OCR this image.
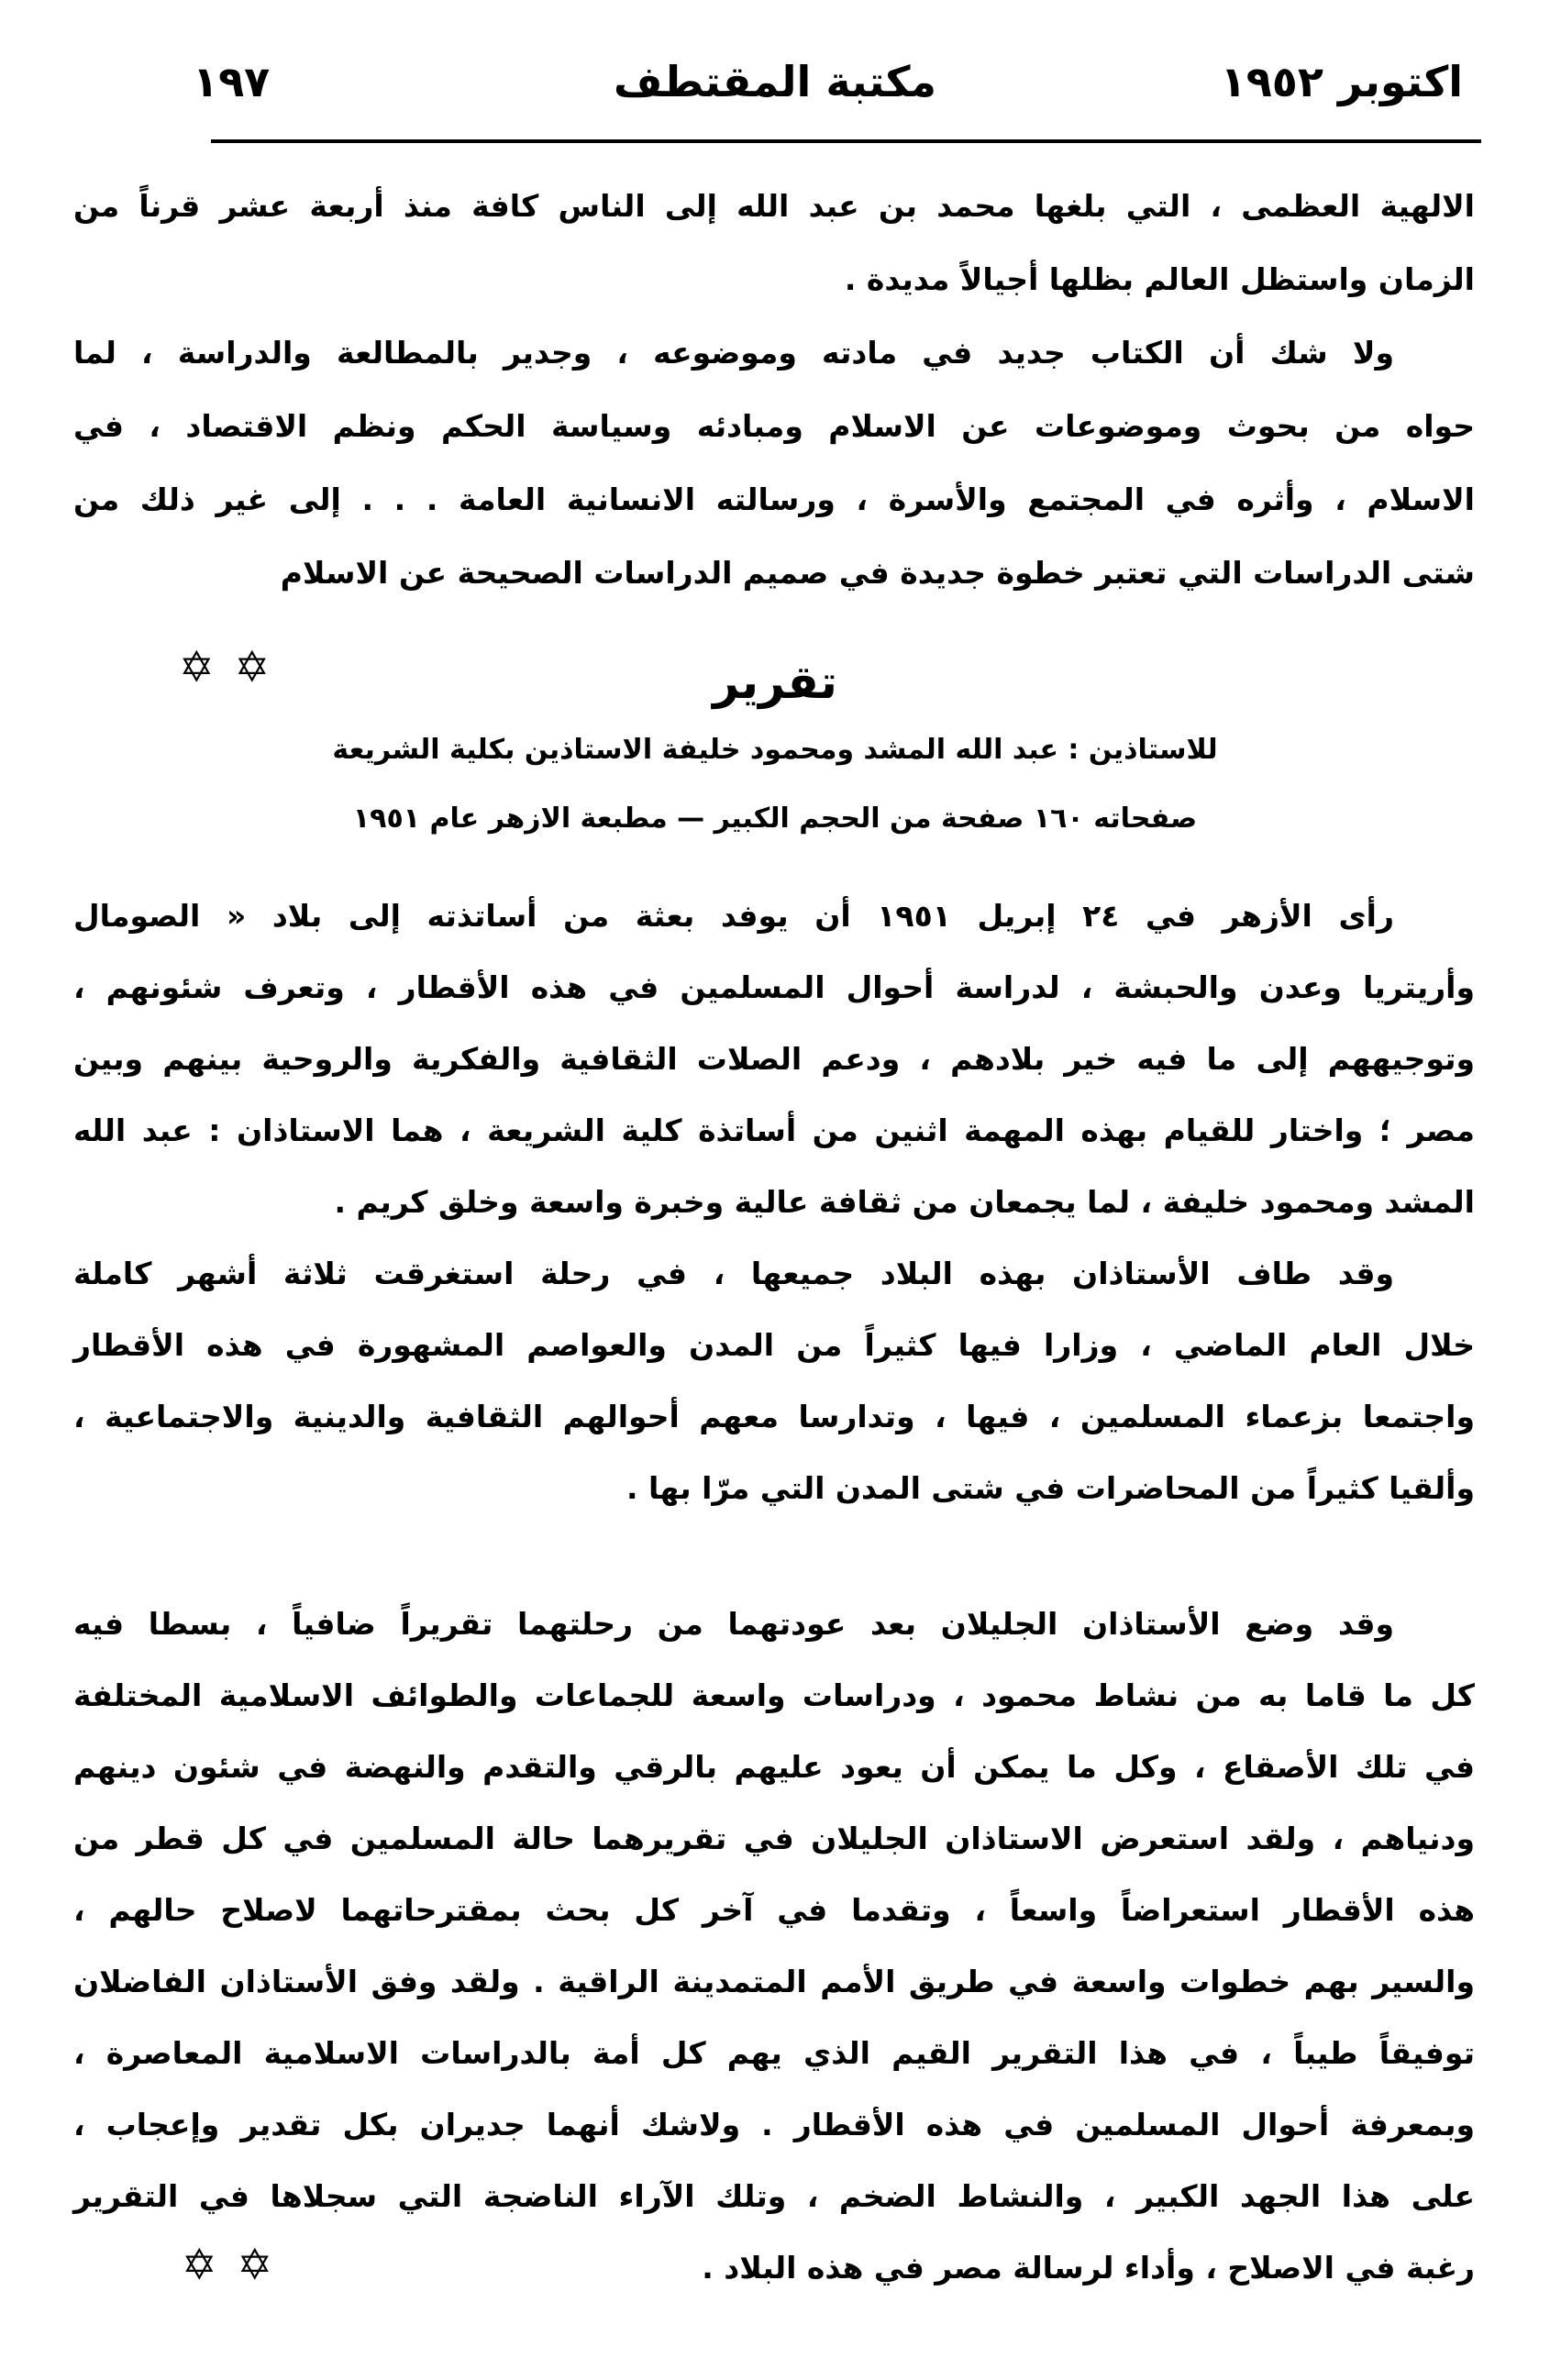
اكتوبر ١٩٥٢
مكتبة المقتطف
١٩٧
الالهية العظمى ، التي بلغها محمد بن عبد الله إلى الناس كافة منذ أربعة عشر قرناً من
الزمان واستظل العالم بظلها أجيالاً مديدة .
ولا شك أن الكتاب جديد في مادته وموضوعه ، وجدير بالمطالعة والدراسة ، لما
حواه من بحوث وموضوعات عن الاسلام ومبادئه وسياسة الحكم ونظم الاقتصاد ، في
الاسلام ، وأثره في المجتمع والأسرة ، ورسالته الانسانية العامة . . . إلى غير ذلك من
شتى الدراسات التي تعتبر خطوة جديدة في صميم الدراسات الصحيحة عن الاسلام
✡✡	تقرير
للاستاذين : عبد الله المشد ومحمود خليفة الاستاذين بكلية الشريعة
صفحاته ١٦٠ صفحة من الحجم الكبير — مطبعة الازهر عام ١٩٥١
رأى الأزهر في ٢٤ إبريل ١٩٥١ أن يوفد بعثة من أساتذته إلى بلاد « الصومال
وأريتريا وعدن والحبشة ، لدراسة أحوال المسلمين في هذه الأقطار ، وتعرف شئونهم ،
وتوجيههم إلى ما فيه خير بلادهم ، ودعم الصلات الثقافية والفكرية والروحية بينهم وبين
مصر ؛ واختار للقيام بهذه المهمة اثنين من أساتذة كلية الشريعة ، هما الاستاذان : عبد الله
المشد ومحمود خليفة ، لما يجمعان من ثقافة عالية وخبرة واسعة وخلق كريم .
وقد طاف الأستاذان بهذه البلاد جميعها ، في رحلة استغرقت ثلاثة أشهر كاملة
خلال العام الماضي ، وزارا فيها كثيراً من المدن والعواصم المشهورة في هذه الأقطار
واجتمعا بزعماء المسلمين ، فيها ، وتدارسا معهم أحوالهم الثقافية والدينية والاجتماعية ،
وألقيا كثيراً من المحاضرات في شتى المدن التي مرّا بها .
وقد وضع الأستاذان الجليلان بعد عودتهما من رحلتهما تقريراً ضافياً ، بسطا فيه
كل ما قاما به من نشاط محمود ، ودراسات واسعة للجماعات والطوائف الاسلامية المختلفة
في تلك الأصقاع ، وكل ما يمكن أن يعود عليهم بالرقي والتقدم والنهضة في شئون دينهم
ودنياهم ، ولقد استعرض الاستاذان الجليلان في تقريرهما حالة المسلمين في كل قطر من
هذه الأقطار استعراضاً واسعاً ، وتقدما في آخر كل بحث بمقترحاتهما لاصلاح حالهم ،
والسير بهم خطوات واسعة في طريق الأمم المتمدينة الراقية . ولقد وفق الأستاذان الفاضلان
توفيقاً طيباً ، في هذا التقرير القيم الذي يهم كل أمة بالدراسات الاسلامية المعاصرة ،
وبمعرفة أحوال المسلمين في هذه الأقطار . ولاشك أنهما جديران بكل تقدير وإعجاب ،
على هذا الجهد الكبير ، والنشاط الضخم ، وتلك الآراء الناضجة التي سجلاها في التقرير
رغبة في الاصلاح ، وأداء لرسالة مصر في هذه البلاد .
✡✡
